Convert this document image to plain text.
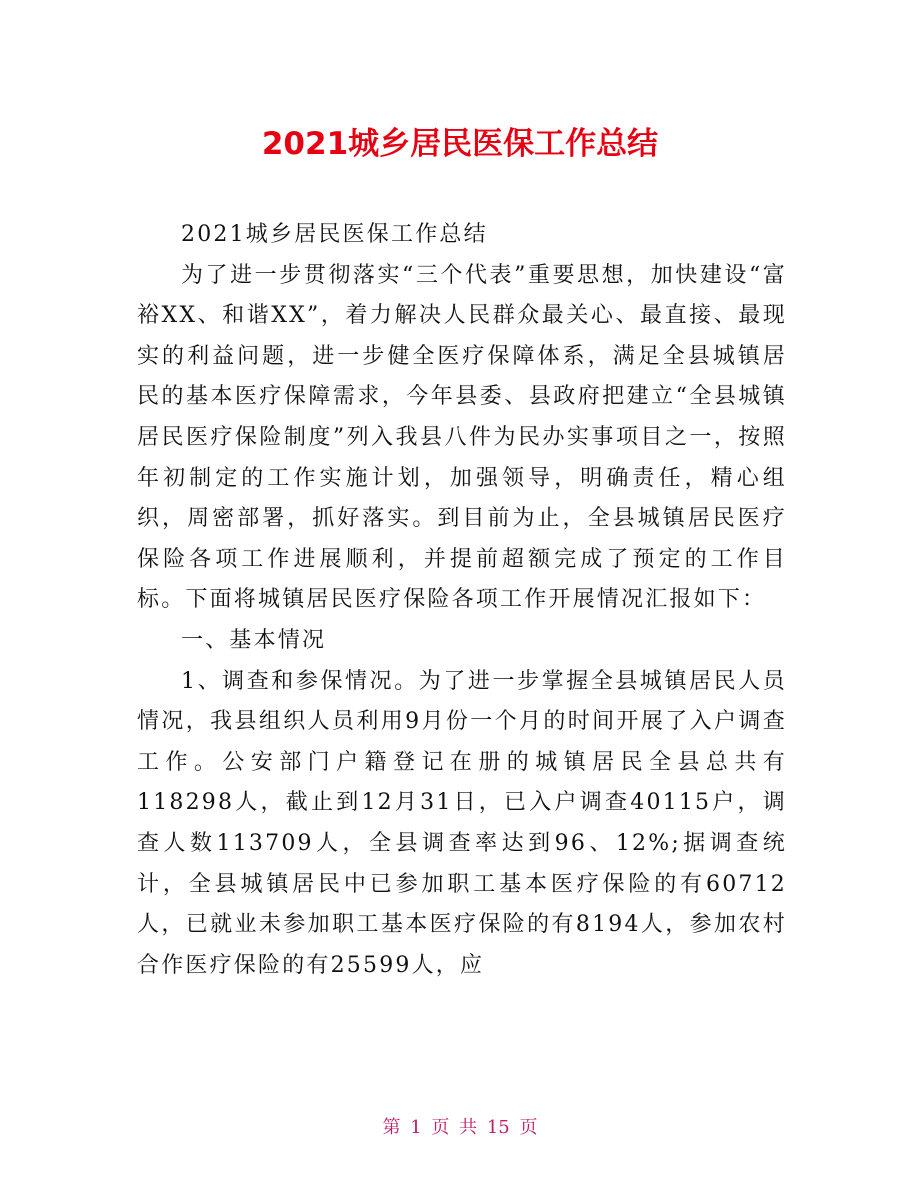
2021城乡居民医保工作总结

2021城乡居民医保工作总结

为了进一步贯彻落实“三个代表”重要思想，加快建设“富裕XX、和谐XX”，着力解决人民群众最关心、最直接、最现实的利益问题，进一步健全医疗保障体系，满足全县城镇居民的基本医疗保障需求，今年县委、县政府把建立“全县城镇居民医疗保险制度”列入我县八件为民办实事项目之一，按照年初制定的工作实施计划，加强领导，明确责任，精心组织，周密部署，抓好落实。到目前为止，全县城镇居民医疗保险各项工作进展顺利，并提前超额完成了预定的工作目标。下面将城镇居民医疗保险各项工作开展情况汇报如下：

一、基本情况

1、调查和参保情况。为了进一步掌握全县城镇居民人员情况，我县组织人员利用9月份一个月的时间开展了入户调查工作。公安部门户籍登记在册的城镇居民全县总共有118298人，截止到12月31日，已入户调查40115户，调查人数113709人，全县调查率达到96、12%;据调查统计，全县城镇居民中已参加职工基本医疗保险的有60712人，已就业未参加职工基本医疗保险的有8194人，参加农村合作医疗保险的有25599人，应

第 1 页 共 15 页
